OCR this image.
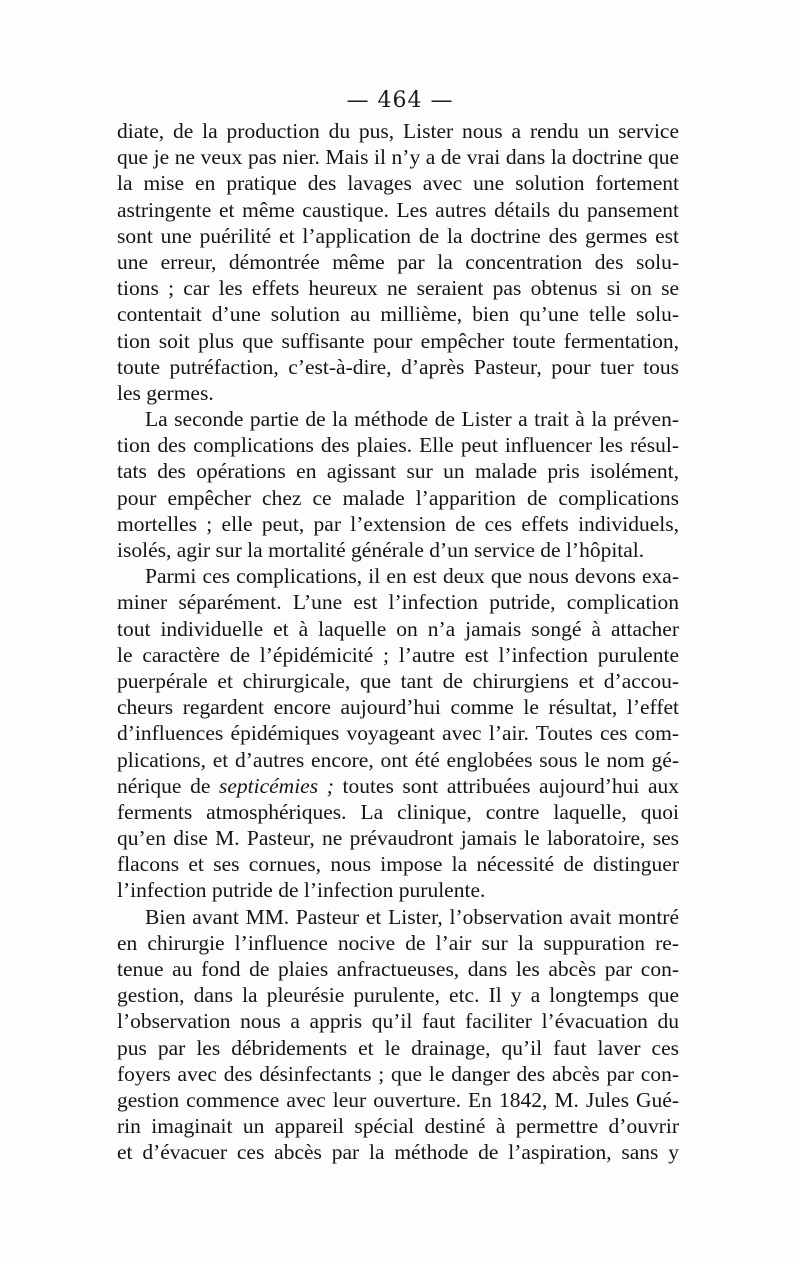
— 464 —
diate, de la production du pus, Lister nous a rendu un service
que je ne veux pas nier. Mais il n’y a de vrai dans la doctrine que
la mise en pratique des lavages avec une solution fortement
astringente et même caustique. Les autres détails du pansement
sont une puérilité et l’application de la doctrine des germes est
une erreur, démontrée même par la concentration des solu-
tions ; car les effets heureux ne seraient pas obtenus si on se
contentait d’une solution au millième, bien qu’une telle solu-
tion soit plus que suffisante pour empêcher toute fermentation,
toute putréfaction, c’est-à-dire, d’après Pasteur, pour tuer tous
les germes.
La seconde partie de la méthode de Lister a trait à la préven-
tion des complications des plaies. Elle peut influencer les résul-
tats des opérations en agissant sur un malade pris isolément,
pour empêcher chez ce malade l’apparition de complications
mortelles ; elle peut, par l’extension de ces effets individuels,
isolés, agir sur la mortalité générale d’un service de l’hôpital.
Parmi ces complications, il en est deux que nous devons exa-
miner séparément. L’une est l’infection putride, complication
tout individuelle et à laquelle on n’a jamais songé à attacher
le caractère de l’épidémicité ; l’autre est l’infection purulente
puerpérale et chirurgicale, que tant de chirurgiens et d’accou-
cheurs regardent encore aujourd’hui comme le résultat, l’effet
d’influences épidémiques voyageant avec l’air. Toutes ces com-
plications, et d’autres encore, ont été englobées sous le nom gé-
nérique de septicémies ; toutes sont attribuées aujourd’hui aux
ferments atmosphériques. La clinique, contre laquelle, quoi
qu’en dise M. Pasteur, ne prévaudront jamais le laboratoire, ses
flacons et ses cornues, nous impose la nécessité de distinguer
l’infection putride de l’infection purulente.
Bien avant MM. Pasteur et Lister, l’observation avait montré
en chirurgie l’influence nocive de l’air sur la suppuration re-
tenue au fond de plaies anfractueuses, dans les abcès par con-
gestion, dans la pleurésie purulente, etc. Il y a longtemps que
l’observation nous a appris qu’il faut faciliter l’évacuation du
pus par les débridements et le drainage, qu’il faut laver ces
foyers avec des désinfectants ; que le danger des abcès par con-
gestion commence avec leur ouverture. En 1842, M. Jules Gué-
rin imaginait un appareil spécial destiné à permettre d’ouvrir
et d’évacuer ces abcès par la méthode de l’aspiration, sans y
